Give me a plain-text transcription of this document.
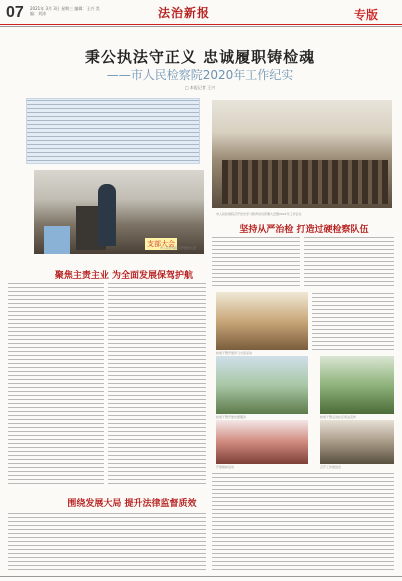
07 2021年 3月 3日 星期三 编辑：王兴 美编：刘涛	法治新报	专版
秉公执法守正义 忠诚履职铸检魂
——市人民检察院2020年工作纪实
□ 本报记者 王兴
市人民检察院召开党史学习教育动员部署大会暨2021年工作会议
支部大会
市人民检察院召开党员大会
聚焦主责主业 为全面发展保驾护航
坚持从严治检 打造过硬检察队伍
检察干警开展学习交流活动
检察干警开展志愿服务	检察干警走进社区普法宣传
开展植树活动	召开工作推进会
围绕发展大局 提升法律监督质效
